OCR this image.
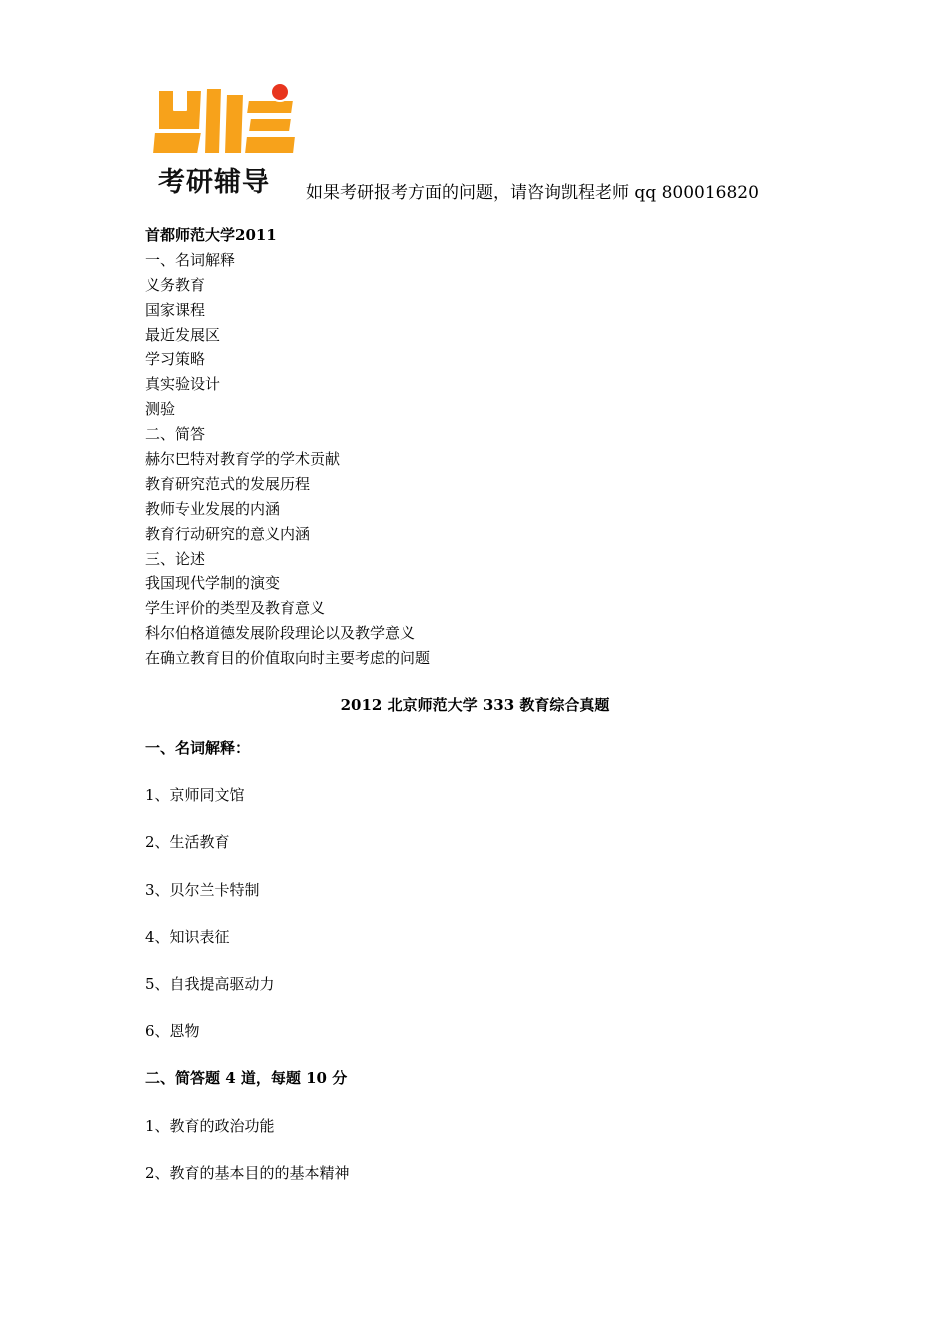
考研辅导 如果考研报考方面的问题，请咨询凯程老师 qq 800016820
首都师范大学2011
一、名词解释
义务教育
国家课程
最近发展区
学习策略
真实验设计
测验
二、简答
赫尔巴特对教育学的学术贡献
教育研究范式的发展历程
教师专业发展的内涵
教育行动研究的意义内涵
三、论述
我国现代学制的演变
学生评价的类型及教育意义
科尔伯格道德发展阶段理论以及教学意义
在确立教育目的价值取向时主要考虑的问题
2012 北京师范大学 333 教育综合真题
一、名词解释：
1、京师同文馆
2、生活教育
3、贝尔兰卡特制
4、知识表征
5、自我提高驱动力
6、恩物
二、简答题 4 道，每题 10 分
1、教育的政治功能
2、教育的基本目的的基本精神
